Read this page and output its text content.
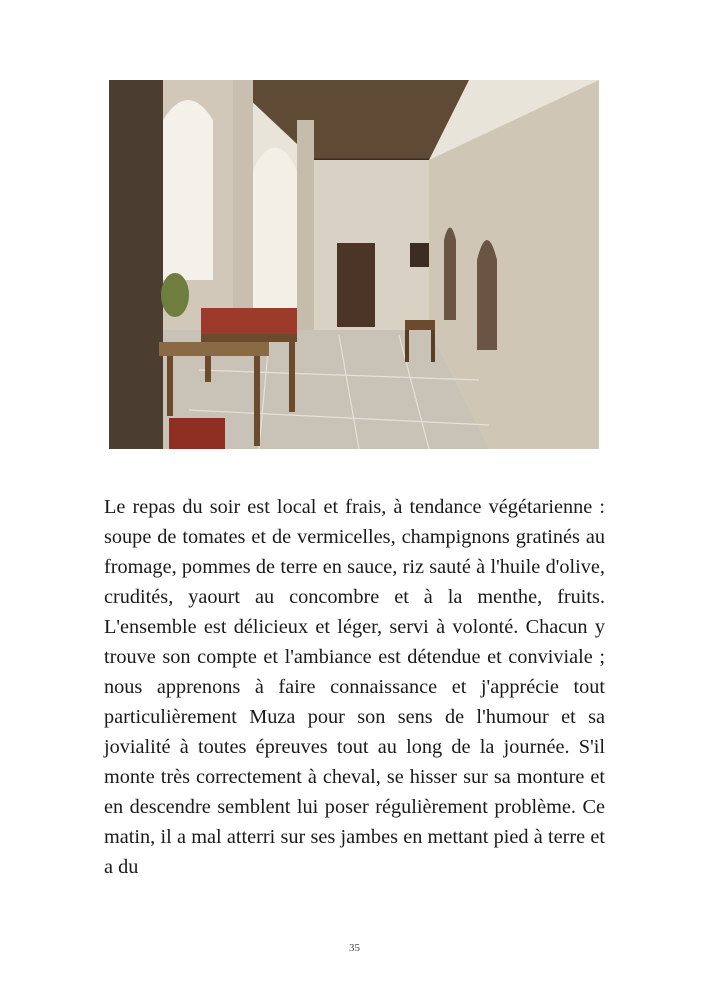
Le repas du soir est local et frais, à tendance végétarienne : soupe de tomates et de vermicelles, champignons gratinés au fromage, pommes de terre en sauce, riz sauté à l'huile d'olive, crudités, yaourt au concombre et à la menthe, fruits. L'ensemble est délicieux et léger, servi à volonté. Chacun y trouve son compte et l'ambiance est détendue et conviviale ; nous apprenons à faire connaissance et j'apprécie tout particulièrement Muza pour son sens de l'humour et sa jovialité à toutes épreuves tout au long de la journée. S'il monte très correctement à cheval, se hisser sur sa monture et en descendre semblent lui poser régulièrement problème. Ce matin, il a mal atterri sur ses jambes en mettant pied à terre et a du

35
